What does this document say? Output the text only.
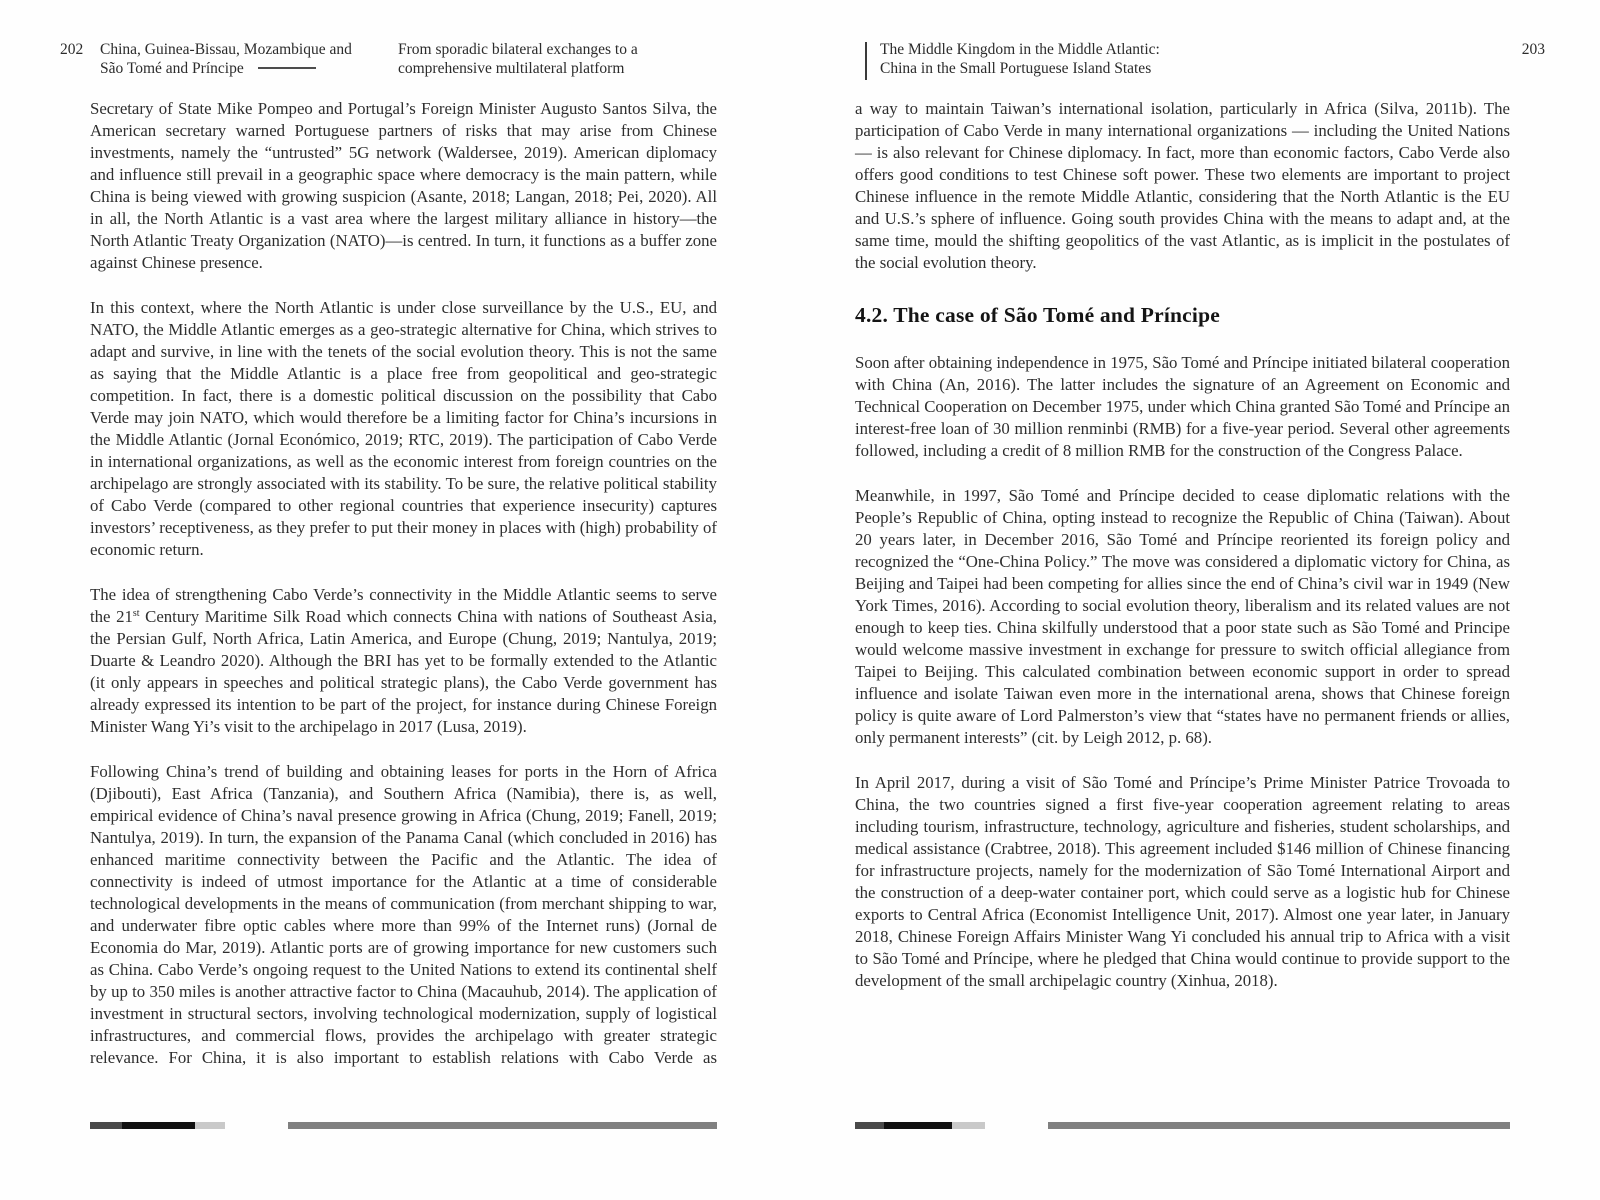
202 China, Guinea-Bissau, Mozambique and
São Tomé and Príncipe
From sporadic bilateral exchanges to a
comprehensive multilateral platform

Secretary of State Mike Pompeo and Portugal’s Foreign Minister Augusto Santos Silva, the American secretary warned Portuguese partners of risks that may arise from Chinese investments, namely the “untrusted” 5G network (Waldersee, 2019). American diplomacy and influence still prevail in a geographic space where democracy is the main pattern, while China is being viewed with growing suspicion (Asante, 2018; Langan, 2018; Pei, 2020). All in all, the North Atlantic is a vast area where the largest military alliance in history—the North Atlantic Treaty Organization (NATO)—is centred. In turn, it functions as a buffer zone against Chinese presence.

In this context, where the North Atlantic is under close surveillance by the U.S., EU, and NATO, the Middle Atlantic emerges as a geo-strategic alternative for China, which strives to adapt and survive, in line with the tenets of the social evolution theory. This is not the same as saying that the Middle Atlantic is a place free from geopolitical and geo-strategic competition. In fact, there is a domestic political discussion on the possibility that Cabo Verde may join NATO, which would therefore be a limiting factor for China’s incursions in the Middle Atlantic (Jornal Económico, 2019; RTC, 2019). The participation of Cabo Verde in international organizations, as well as the economic interest from foreign countries on the archipelago are strongly associated with its stability. To be sure, the relative political stability of Cabo Verde (compared to other regional countries that experience insecurity) captures investors’ receptiveness, as they prefer to put their money in places with (high) probability of economic return.

The idea of strengthening Cabo Verde’s connectivity in the Middle Atlantic seems to serve the 21st Century Maritime Silk Road which connects China with nations of Southeast Asia, the Persian Gulf, North Africa, Latin America, and Europe (Chung, 2019; Nantulya, 2019; Duarte & Leandro 2020). Although the BRI has yet to be formally extended to the Atlantic (it only appears in speeches and political strategic plans), the Cabo Verde government has already expressed its intention to be part of the project, for instance during Chinese Foreign Minister Wang Yi’s visit to the archipelago in 2017 (Lusa, 2019).

Following China’s trend of building and obtaining leases for ports in the Horn of Africa (Djibouti), East Africa (Tanzania), and Southern Africa (Namibia), there is, as well, empirical evidence of China’s naval presence growing in Africa (Chung, 2019; Fanell, 2019; Nantulya, 2019). In turn, the expansion of the Panama Canal (which concluded in 2016) has enhanced maritime connectivity between the Pacific and the Atlantic. The idea of connectivity is indeed of utmost importance for the Atlantic at a time of considerable technological developments in the means of communication (from merchant shipping to war, and underwater fibre optic cables where more than 99% of the Internet runs) (Jornal de Economia do Mar, 2019). Atlantic ports are of growing importance for new customers such as China. Cabo Verde’s ongoing request to the United Nations to extend its continental shelf by up to 350 miles is another attractive factor to China (Macauhub, 2014). The application of investment in structural sectors, involving technological modernization, supply of logistical infrastructures, and commercial flows, provides the archipelago with greater strategic relevance. For China, it is also important to establish relations with Cabo Verde as

The Middle Kingdom in the Middle Atlantic:
China in the Small Portuguese Island States
203

a way to maintain Taiwan’s international isolation, particularly in Africa (Silva, 2011b). The participation of Cabo Verde in many international organizations — including the United Nations — is also relevant for Chinese diplomacy. In fact, more than economic factors, Cabo Verde also offers good conditions to test Chinese soft power. These two elements are important to project Chinese influence in the remote Middle Atlantic, considering that the North Atlantic is the EU and U.S.’s sphere of influence. Going south provides China with the means to adapt and, at the same time, mould the shifting geopolitics of the vast Atlantic, as is implicit in the postulates of the social evolution theory.

4.2. The case of São Tomé and Príncipe

Soon after obtaining independence in 1975, São Tomé and Príncipe initiated bilateral cooperation with China (An, 2016). The latter includes the signature of an Agreement on Economic and Technical Cooperation on December 1975, under which China granted São Tomé and Príncipe an interest-free loan of 30 million renminbi (RMB) for a five-year period. Several other agreements followed, including a credit of 8 million RMB for the construction of the Congress Palace.

Meanwhile, in 1997, São Tomé and Príncipe decided to cease diplomatic relations with the People’s Republic of China, opting instead to recognize the Republic of China (Taiwan). About 20 years later, in December 2016, São Tomé and Príncipe reoriented its foreign policy and recognized the “One-China Policy.” The move was considered a diplomatic victory for China, as Beijing and Taipei had been competing for allies since the end of China’s civil war in 1949 (New York Times, 2016). According to social evolution theory, liberalism and its related values are not enough to keep ties. China skilfully understood that a poor state such as São Tomé and Principe would welcome massive investment in exchange for pressure to switch official allegiance from Taipei to Beijing. This calculated combination between economic support in order to spread influence and isolate Taiwan even more in the international arena, shows that Chinese foreign policy is quite aware of Lord Palmerston’s view that “states have no permanent friends or allies, only permanent interests” (cit. by Leigh 2012, p. 68).

In April 2017, during a visit of São Tomé and Príncipe’s Prime Minister Patrice Trovoada to China, the two countries signed a first five-year cooperation agreement relating to areas including tourism, infrastructure, technology, agriculture and fisheries, student scholarships, and medical assistance (Crabtree, 2018). This agreement included $146 million of Chinese financing for infrastructure projects, namely for the modernization of São Tomé International Airport and the construction of a deep-water container port, which could serve as a logistic hub for Chinese exports to Central Africa (Economist Intelligence Unit, 2017). Almost one year later, in January 2018, Chinese Foreign Affairs Minister Wang Yi concluded his annual trip to Africa with a visit to São Tomé and Príncipe, where he pledged that China would continue to provide support to the development of the small archipelagic country (Xinhua, 2018).
